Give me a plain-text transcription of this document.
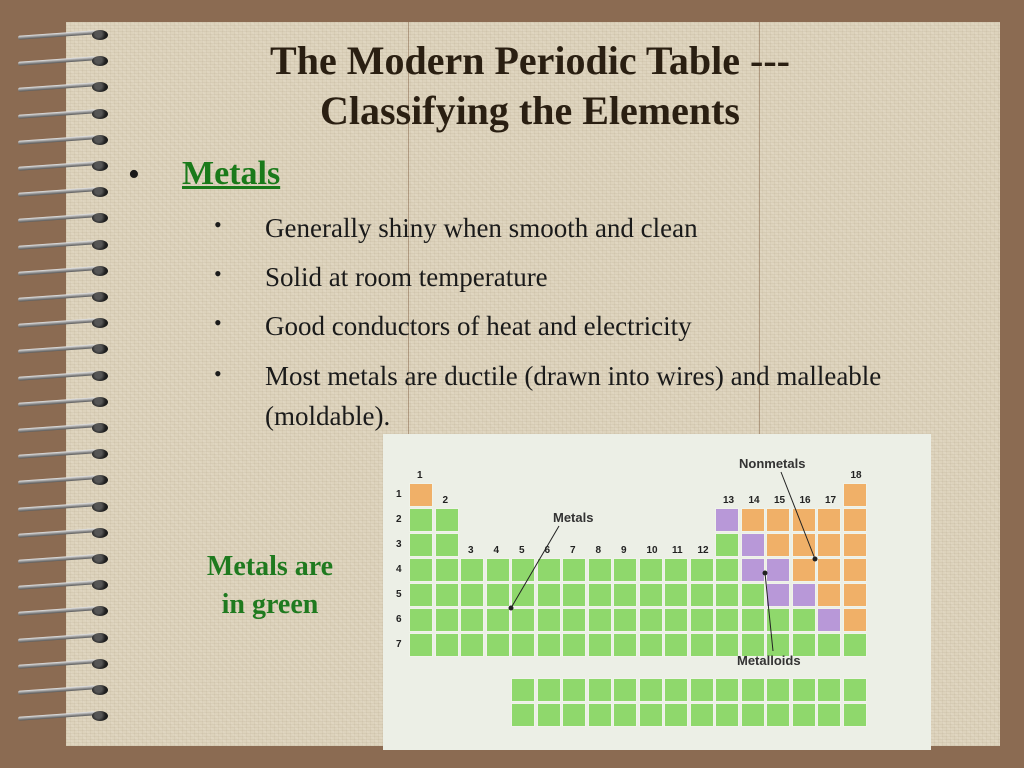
The Modern Periodic Table ---
Classifying the Elements
• Metals
• Generally shiny when smooth and clean
• Solid at room temperature
• Good conductors of heat and electricity
• Most metals are ductile (drawn into wires) and malleable (moldable).
Metals are
in green
1
2
3 4 5 6 7 8 9 10 11 12
13 14 15 16 17
18
1
2
3
4
5
6
7
Metals
Nonmetals
Metalloids
